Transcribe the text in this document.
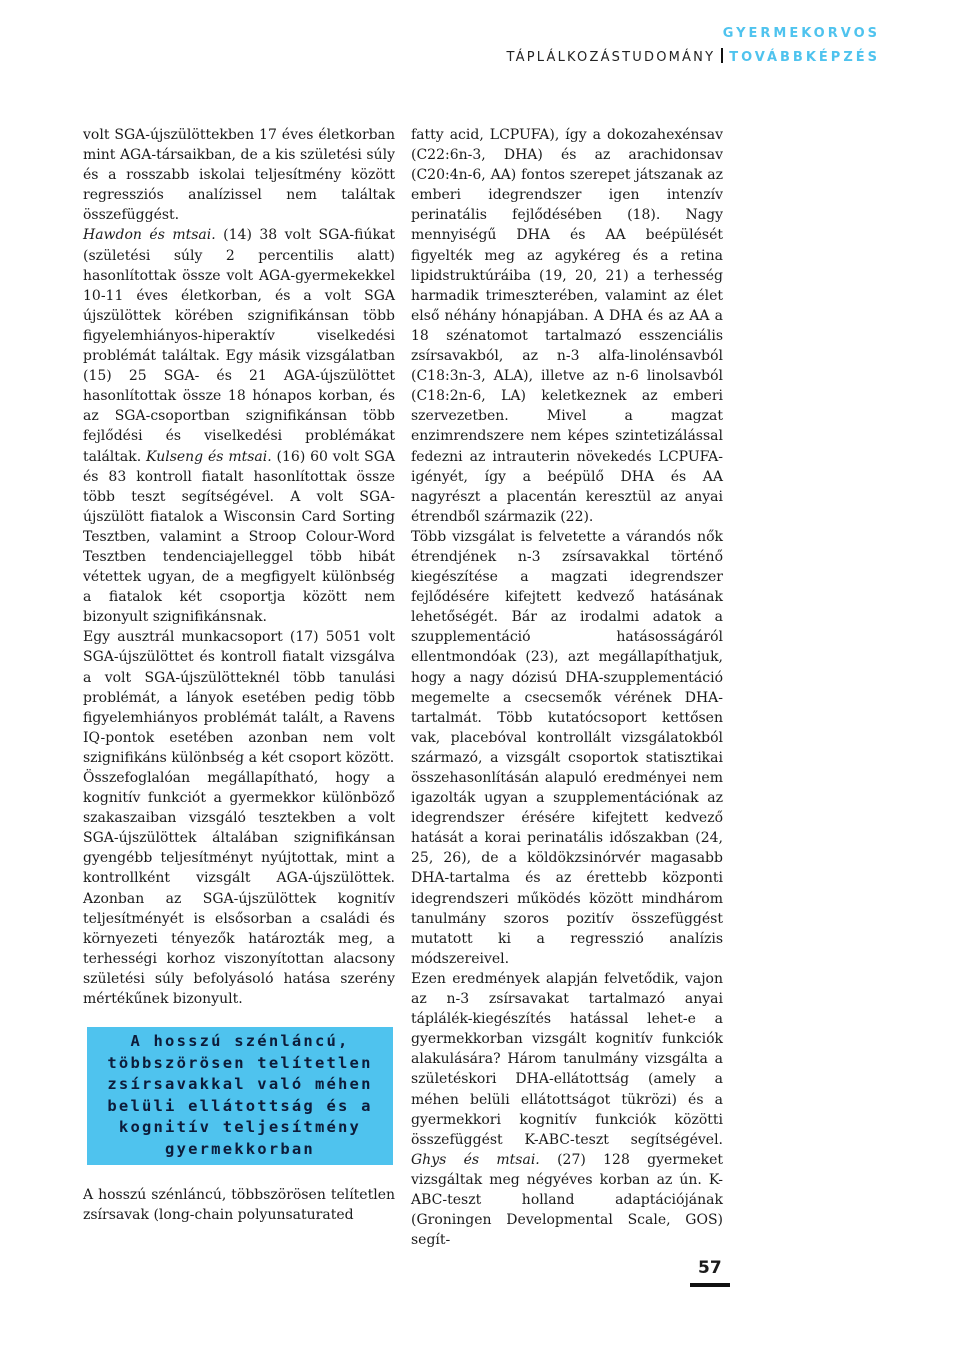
GYERMEKORVOS
TÁPLÁLKOZÁSTUDOMÁNY TOVÁBBKÉPZÉS

volt SGA-újszülöttekben 17 éves életkorban mint AGA-társaikban, de a kis születési súly és a rosszabb iskolai teljesítmény között regressziós analízissel nem találtak összefüggést.

Hawdon és mtsai. (14) 38 volt SGA-fiúkat (születési súly 2 percentilis alatt) hasonlítottak össze volt AGA-gyermekekkel 10-11 éves életkorban, és a volt SGA újszülöttek körében szignifikánsan több figyelemhiányos-hiperaktív viselkedési problémát találtak. Egy másik vizsgálatban (15) 25 SGA- és 21 AGA-újszülöttet hasonlítottak össze 18 hónapos korban, és az SGA-csoportban szignifikánsan több fejlődési és viselkedési problémákat találtak. Kulseng és mtsai. (16) 60 volt SGA és 83 kontroll fiatalt hasonlítottak össze több teszt segítségével. A volt SGA-újszülött fiatalok a Wisconsin Card Sorting Tesztben, valamint a Stroop Colour-Word Tesztben tendenciajelleggel több hibát vétettek ugyan, de a megfigyelt különbség a fiatalok két csoportja között nem bizonyult szignifikánsnak.

Egy ausztrál munkacsoport (17) 5051 volt SGA-újszülöttet és kontroll fiatalt vizsgálva a volt SGA-újszülötteknél több tanulási problémát, a lányok esetében pedig több figyelemhiányos problémát talált, a Ravens IQ-pontok esetében azonban nem volt szignifikáns különbség a két csoport között.

Összefoglalóan megállapítható, hogy a kognitív funkciót a gyermekkor különböző szakaszaiban vizsgáló tesztekben a volt SGA-újszülöttek általában szignifikánsan gyengébb teljesítményt nyújtottak, mint a kontrollként vizsgált AGA-újszülöttek. Azonban az SGA-újszülöttek kognitív teljesítményét is elsősorban a családi és környezeti tényezők határozták meg, a terhességi korhoz viszonyítottan alacsony születési súly befolyásoló hatása szerény mértékűnek bizonyult.

A hosszú szénláncú,
többszörösen telítetlen
zsírsavakkal való méhen
belüli ellátottság és a
kognitív teljesítmény
gyermekkorban

A hosszú szénláncú, többszörösen telítetlen zsírsavak (long-chain polyunsaturated

fatty acid, LCPUFA), így a dokozahexénsav (C22:6n-3, DHA) és az arachidonsav (C20:4n-6, AA) fontos szerepet játszanak az emberi idegrendszer igen intenzív perinatális fejlődésében (18). Nagy mennyiségű DHA és AA beépülését figyelték meg az agykéreg és a retina lipidstruktúráiba (19, 20, 21) a terhesség harmadik trimeszterében, valamint az élet első néhány hónapjában. A DHA és az AA a 18 szénatomot tartalmazó esszenciális zsírsavakból, az n-3 alfa-linolénsavból (C18:3n-3, ALA), illetve az n-6 linolsavból (C18:2n-6, LA) keletkeznek az emberi szervezetben. Mivel a magzat enzimrendszere nem képes szintetizálással fedezni az intrauterin növekedés LCPUFA-igényét, így a beépülő DHA és AA nagyrészt a placentán keresztül az anyai étrendből származik (22).

Több vizsgálat is felvetette a várandós nők étrendjének n-3 zsírsavakkal történő kiegészítése a magzati idegrendszer fejlődésére kifejtett kedvező hatásának lehetőségét. Bár az irodalmi adatok a szupplementáció hatásosságáról ellentmondóak (23), azt megállapíthatjuk, hogy a nagy dózisú DHA-szupplementáció megemelte a csecsemők vérének DHA-tartalmát. Több kutatócsoport kettősen vak, placebóval kontrollált vizsgálatokból származó, a vizsgált csoportok statisztikai összehasonlításán alapuló eredményei nem igazolták ugyan a szupplementációnak az idegrendszer érésére kifejtett kedvező hatását a korai perinatális időszakban (24, 25, 26), de a köldökzsinórvér magasabb DHA-tartalma és az érettebb központi idegrendszeri működés között mindhárom tanulmány szoros pozitív összefüggést mutatott ki a regresszió analízis módszereivel.

Ezen eredmények alapján felvetődik, vajon az n-3 zsírsavakat tartalmazó anyai táplálék-kiegészítés hatással lehet-e a gyermekkorban vizsgált kognitív funkciók alakulására? Három tanulmány vizsgálta a születéskori DHA-ellátottság (amely a méhen belüli ellátottságot tükrözi) és a gyermekkori kognitív funkciók közötti összefüggést K-ABC-teszt segítségével. Ghys és mtsai. (27) 128 gyermeket vizsgáltak meg négyéves korban az ún. K-ABC-teszt holland adaptációjának (Groningen Developmental Scale, GOS) segít-

57
